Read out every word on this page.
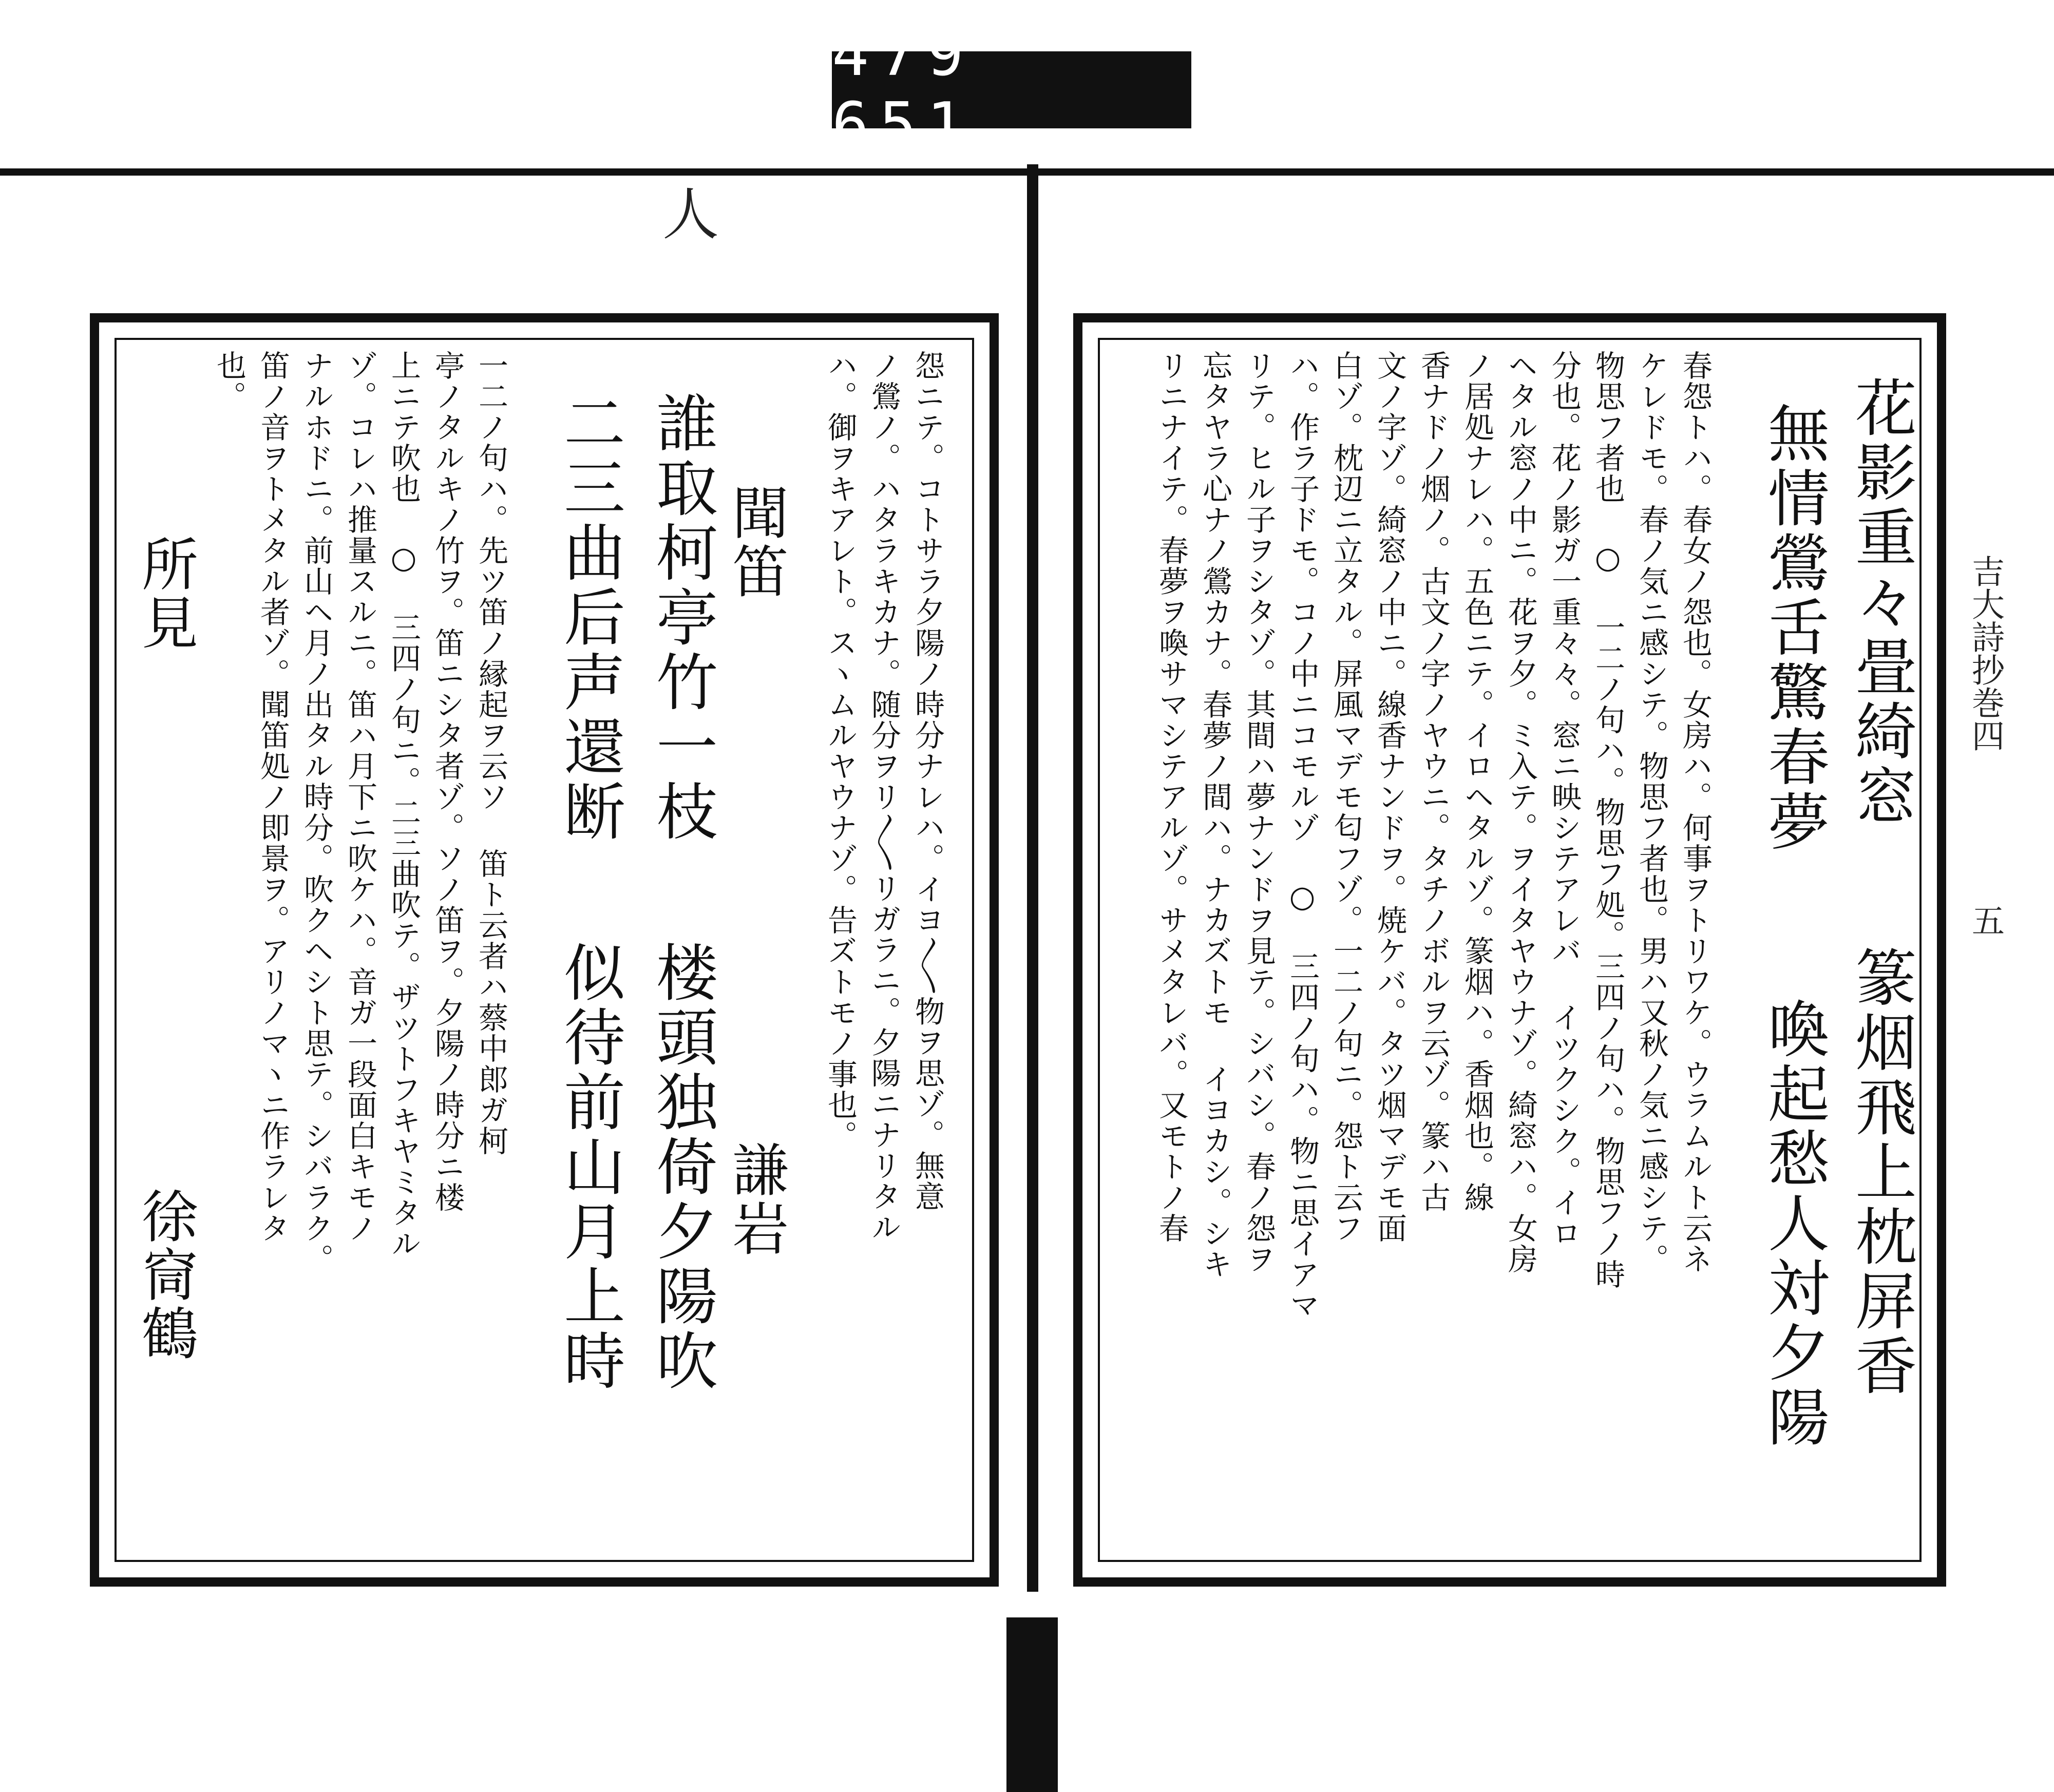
479 651.
人
吉大詩抄巻四
五
怨ニテ。コトサラ夕陽ノ時分ナレハ。イヨ〳〵物ヲ思ゾ。無意
ノ鶯ノ。ハタラキカナ。随分ヲリ〳〵リガラニ。夕陽ニナリタル
ハ。御ヲキアレト。スヽムルヤウナゾ。告ズトモノ事也。
聞笛
謙岩
誰取柯亭竹一枝
二三曲后声還断
楼頭独倚夕陽吹
似待前山月上時
一二ノ句ハ。先ツ笛ノ縁起ヲ云ソ 笛ト云者ハ蔡中郎ガ柯
亭ノタルキノ竹ヲ。笛ニシタ者ゾ。ソノ笛ヲ。夕陽ノ時分ニ楼
上ニテ吹也 ○ 三四ノ句ニ。二三曲吹テ。ザツトフキヤミタル
ゾ。コレハ推量スルニ。笛ハ月下ニ吹ケハ。音ガ一段面白キモノ
ナルホドニ。前山ヘ月ノ出タル時分。吹クヘシト思テ。シバラク。
笛ノ音ヲトメタル者ゾ。聞笛処ノ即景ヲ。アリノマヽニ作ラレタ
也。
所見
徐䆚鶴
花影重々畳綺窓
無情鶯舌驚春夢
篆烟飛上枕屏香
喚起愁人対夕陽
春怨トハ。春女ノ怨也。女房ハ。何事ヲトリワケ。ウラムルト云ネ
ケレドモ。春ノ気ニ感シテ。物思フ者也。男ハ又秋ノ気ニ感シテ。
物思フ者也 ○ 一二ノ句ハ。物思フ処。三四ノ句ハ。物思フノ時
分也。花ノ影ガ一重々々。窓ニ映シテアレバ イツクシク。イロ
ヘタル窓ノ中ニ。花ヲ夕。ミ入テ。ヲイタヤウナゾ。綺窓ハ。女房
ノ居処ナレハ。五色ニテ。イロヘタルゾ。篆烟ハ。香烟也。線
香ナドノ烟ノ。古文ノ字ノヤウニ。タチノボルヲ云ゾ。篆ハ古
文ノ字ゾ。綺窓ノ中ニ。線香ナンドヲ。焼ケバ。タツ烟マデモ面
白ゾ。枕辺ニ立タル。屏風マデモ匂フゾ。一二ノ句ニ。怨ト云フ
ハ。作ラ子ドモ。コノ中ニコモルゾ ○ 三四ノ句ハ。物ニ思イアマ
リテ。ヒル子ヲシタゾ。其間ハ夢ナンドヲ見テ。シバシ。春ノ怨ヲ
忘タヤラ心ナノ鶯カナ。春夢ノ間ハ。ナカズトモ イヨカシ。シキ
リニナイテ。春夢ヲ喚サマシテアルゾ。サメタレバ。又モトノ春
